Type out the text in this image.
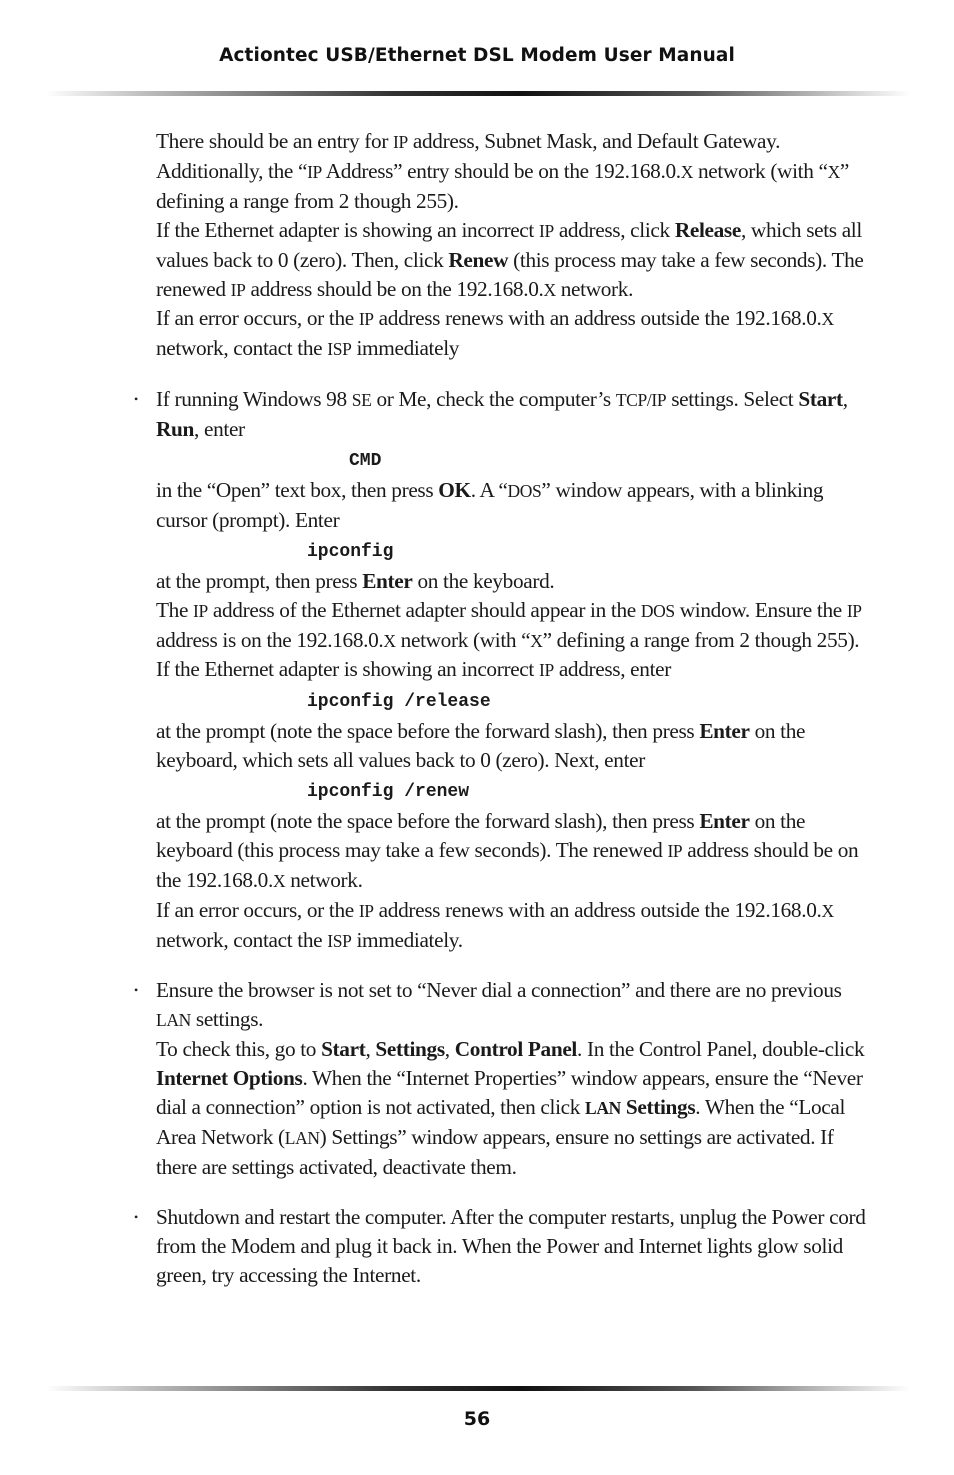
Actiontec USB/Ethernet DSL Modem User Manual

There should be an entry for IP address, Subnet Mask, and Default Gateway. Additionally, the “IP Address” entry should be on the 192.168.0.X network (with “X” defining a range from 2 though 255).

If the Ethernet adapter is showing an incorrect IP address, click Release, which sets all values back to 0 (zero). Then, click Renew (this process may take a few seconds). The renewed IP address should be on the 192.168.0.X network.

If an error occurs, or the IP address renews with an address outside the 192.168.0.X network, contact the ISP immediately

• If running Windows 98 SE or Me, check the computer’s TCP/IP settings. Select Start, Run, enter

CMD

in the “Open” text box, then press OK. A “DOS” window appears, with a blinking cursor (prompt). Enter

ipconfig

at the prompt, then press Enter on the keyboard.

The IP address of the Ethernet adapter should appear in the DOS window. Ensure the IP address is on the 192.168.0.X network (with “X” defining a range from 2 though 255).

If the Ethernet adapter is showing an incorrect IP address, enter

ipconfig /release

at the prompt (note the space before the forward slash), then press Enter on the keyboard, which sets all values back to 0 (zero). Next, enter

ipconfig /renew

at the prompt (note the space before the forward slash), then press Enter on the keyboard (this process may take a few seconds). The renewed IP address should be on the 192.168.0.X network.

If an error occurs, or the IP address renews with an address outside the 192.168.0.X network, contact the ISP immediately.

• Ensure the browser is not set to “Never dial a connection” and there are no previous LAN settings.

To check this, go to Start, Settings, Control Panel. In the Control Panel, double-click Internet Options. When the “Internet Properties” window appears, ensure the “Never dial a connection” option is not activated, then click LAN Settings. When the “Local Area Network (LAN) Settings” window appears, ensure no settings are activated. If there are settings activated, deactivate them.

• Shutdown and restart the computer. After the computer restarts, unplug the Power cord from the Modem and plug it back in. When the Power and Internet lights glow solid green, try accessing the Internet.

56
